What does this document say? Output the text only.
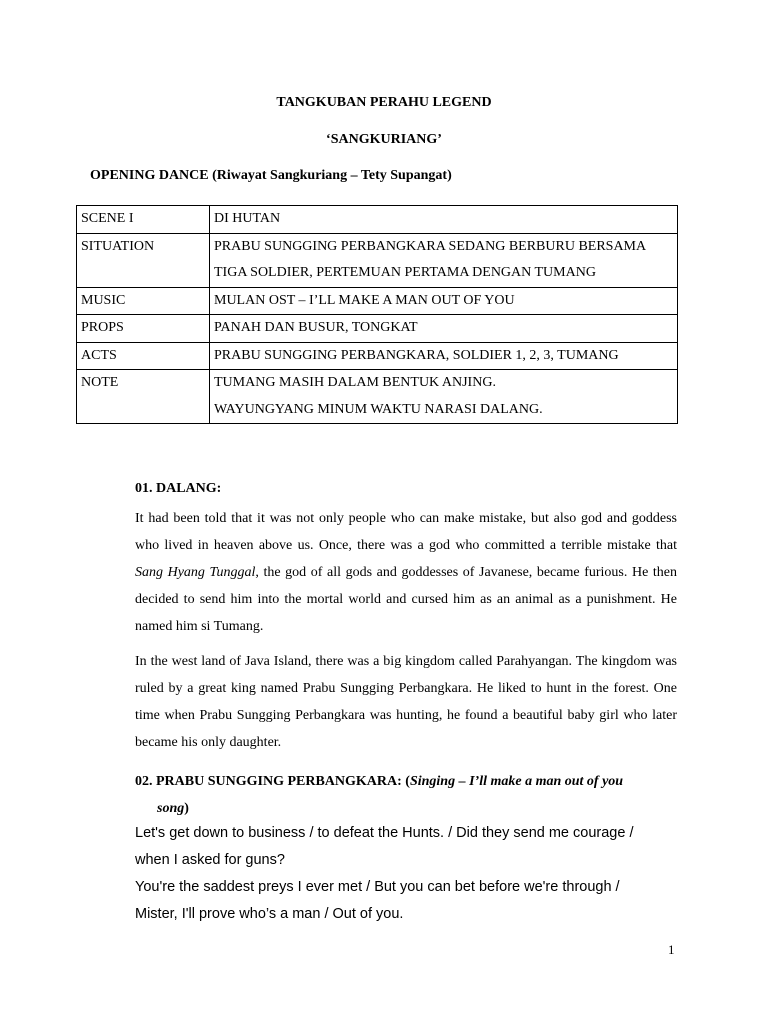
TANGKUBAN PERAHU LEGEND
‘SANGKURIANG’
OPENING DANCE (Riwayat Sangkuriang – Tety Supangat)
SCENE I	DI HUTAN
SITUATION	PRABU SUNGGING PERBANGKARA SEDANG BERBURU BERSAMA TIGA SOLDIER, PERTEMUAN PERTAMA DENGAN TUMANG
MUSIC	MULAN OST – I’LL MAKE A MAN OUT OF YOU
PROPS	PANAH DAN BUSUR, TONGKAT
ACTS	PRABU SUNGGING PERBANGKARA, SOLDIER 1, 2, 3, TUMANG
NOTE	TUMANG MASIH DALAM BENTUK ANJING.
WAYUNGYANG MINUM WAKTU NARASI DALANG.
01. DALANG:
It had been told that it was not only people who can make mistake, but also god and goddess who lived in heaven above us. Once, there was a god who committed a terrible mistake that Sang Hyang Tunggal, the god of all gods and goddesses of Javanese, became furious. He then decided to send him into the mortal world and cursed him as an animal as a punishment. He named him si Tumang.
In the west land of Java Island, there was a big kingdom called Parahyangan. The kingdom was ruled by a great king named Prabu Sungging Perbangkara. He liked to hunt in the forest. One time when Prabu Sungging Perbangkara was hunting, he found a beautiful baby girl who later became his only daughter.
02. PRABU SUNGGING PERBANGKARA: (Singing – I’ll make a man out of you
song)
Let's get down to business / to defeat the Hunts. / Did they send me courage /
when I asked for guns?
You're the saddest preys I ever met / But you can bet before we're through /
Mister, I'll prove who’s a man / Out of you.
1
